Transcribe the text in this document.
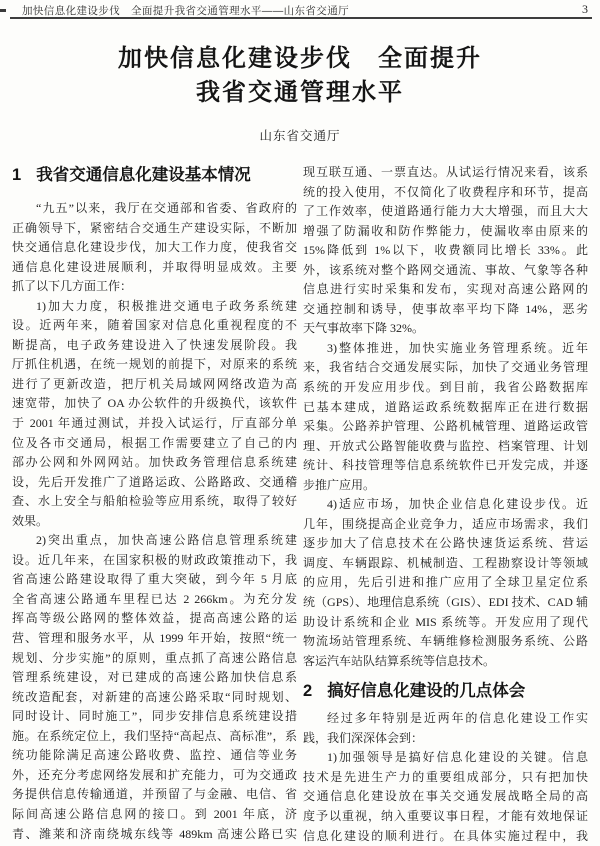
加快信息化建设步伐　全面提升我省交通管理水平——山东省交通厅	3
加快信息化建设步伐　全面提升
我省交通管理水平
山东省交通厅
1 我省交通信息化建设基本情况
“九五”以来，我厅在交通部和省委、省政府的
正确领导下，紧密结合交通生产建设实际，不断加
快交通信息化建设步伐，加大工作力度，使我省交
通信息化建设进展顺利，并取得明显成效。主要
抓了以下几方面工作：
1)加大力度，积极推进交通电子政务系统建
设。近两年来，随着国家对信息化重视程度的不
断提高，电子政务建设进入了快速发展阶段。我
厅抓住机遇，在统一规划的前提下，对原来的系统
进行了更新改造，把厅机关局域网网络改造为高
速宽带，加快了 OA 办公软件的升级换代，该软件
于 2001 年通过测试，并投入试运行，厅直部分单
位及各市交通局，根据工作需要建立了自己的内
部办公网和外网网站。加快政务管理信息系统建
设，先后开发推广了道路运政、公路路政、交通稽
查、水上安全与船舶检验等应用系统，取得了较好
效果。
2)突出重点，加快高速公路信息管理系统建
设。近几年来，在国家积极的财政政策推动下，我
省高速公路建设取得了重大突破，到今年 5 月底
全省高速公路通车里程已达 2 266km。为充分发
挥高等级公路网的整体效益，提高高速公路的运
营、管理和服务水平，从 1999 年开始，按照“统一
规划、分步实施”的原则，重点抓了高速公路信息
管理系统建设，对已建成的高速公路加快信息系
统改造配套，对新建的高速公路采取“同时规划、
同时设计、同时施工”，同步安排信息系统建设措
施。在系统定位上，我们坚持“高起点、高标准”，系
统功能除满足高速公路收费、监控、通信等业务
外，还充分考虑网络发展和扩充能力，可为交通政
务提供信息传输通道，并预留了与金融、电信、省
际间高速公路信息网的接口。到 2001 年底，济
青、潍莱和济南绕城东线等 489km 高速公路已实
现互联互通、一票直达。从试运行情况来看，该系
统的投入使用，不仅简化了收费程序和环节，提高
了工作效率，使道路通行能力大大增强，而且大大
增强了防漏收和防作弊能力，使漏收率由原来的
15%降低到 1%以下，收费额同比增长 33%。此
外，该系统对整个路网交通流、事故、气象等各种
信息进行实时采集和发布，实现对高速公路网的
交通控制和诱导，使事故率平均下降 14%，恶劣
天气事故率下降 32%。
3)整体推进，加快实施业务管理系统。近年
来，我省结合交通发展实际，加快了交通业务管理
系统的开发应用步伐。到目前，我省公路数据库
已基本建成，道路运政系统数据库正在进行数据
采集。公路养护管理、公路机械管理、道路运政管
理、开放式公路智能收费与监控、档案管理、计划
统计、科技管理等信息系统软件已开发完成，并逐
步推广应用。
4)适应市场，加快企业信息化建设步伐。近
几年，围绕提高企业竞争力，适应市场需求，我们
逐步加大了信息技术在公路快速货运系统、营运
调度、车辆跟踪、机械制造、工程勘察设计等领域
的应用，先后引进和推广应用了全球卫星定位系
统（GPS）、地理信息系统（GIS）、EDI 技术、CAD 辅
助设计系统和企业 MIS 系统等。开发应用了现代
物流场站管理系统、车辆维修检测服务系统、公路
客运汽车站队结算系统等信息技术。
2 搞好信息化建设的几点体会
经过多年特别是近两年的信息化建设工作实
践，我们深深体会到：
1)加强领导是搞好信息化建设的关键。信息
技术是先进生产力的重要组成部分，只有把加快
交通信息化建设放在事关交通发展战略全局的高
度予以重视，纳入重要议事日程，才能有效地保证
信息化建设的顺利进行。在具体实施过程中，我
